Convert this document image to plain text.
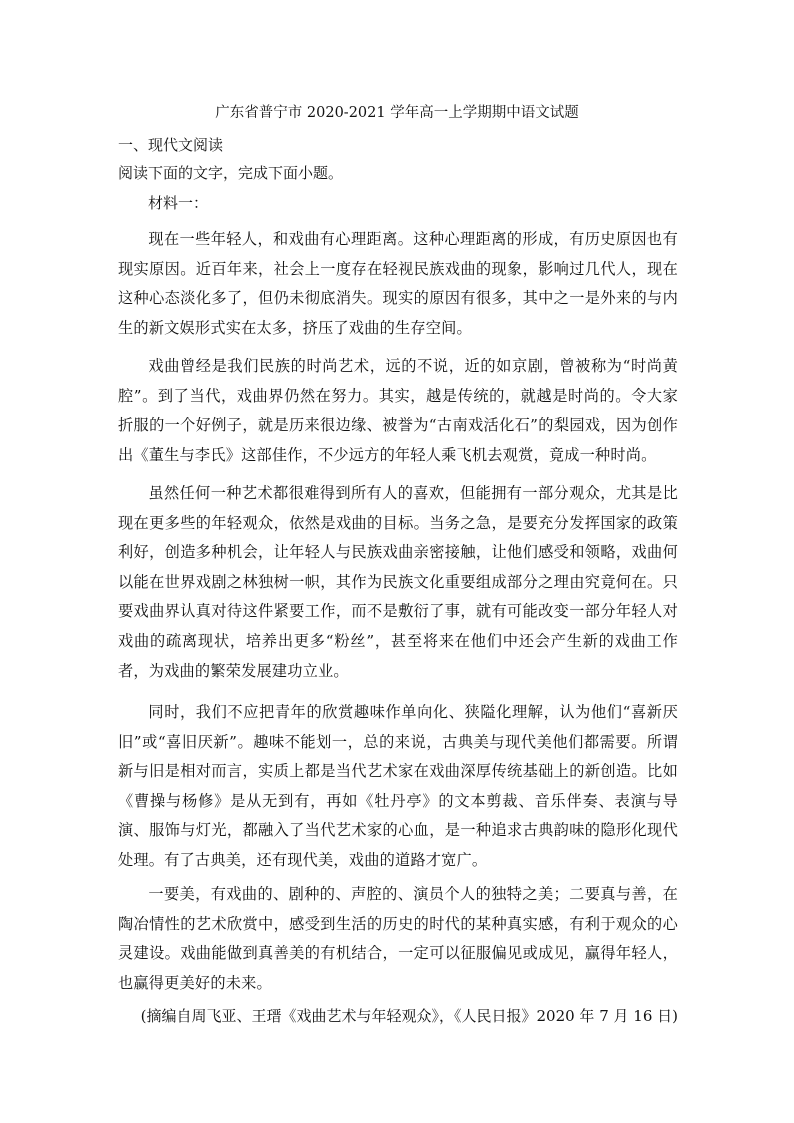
广东省普宁市 2020-2021 学年高一上学期期中语文试题
一、现代文阅读
阅读下面的文字，完成下面小题。
材料一：

现在一些年轻人，和戏曲有心理距离。这种心理距离的形成，有历史原因也有现实原因。近百年来，社会上一度存在轻视民族戏曲的现象，影响过几代人，现在这种心态淡化多了，但仍未彻底消失。现实的原因有很多，其中之一是外来的与内生的新文娱形式实在太多，挤压了戏曲的生存空间。

戏曲曾经是我们民族的时尚艺术，远的不说，近的如京剧，曾被称为“时尚黄腔”。到了当代，戏曲界仍然在努力。其实，越是传统的，就越是时尚的。令大家折服的一个好例子，就是历来很边缘、被誉为“古南戏活化石”的梨园戏，因为创作出《董生与李氏》这部佳作，不少远方的年轻人乘飞机去观赏，竟成一种时尚。

虽然任何一种艺术都很难得到所有人的喜欢，但能拥有一部分观众，尤其是比现在更多些的年轻观众，依然是戏曲的目标。当务之急，是要充分发挥国家的政策利好，创造多种机会，让年轻人与民族戏曲亲密接触，让他们感受和领略，戏曲何以能在世界戏剧之林独树一帜，其作为民族文化重要组成部分之理由究竟何在。只要戏曲界认真对待这件紧要工作，而不是敷衍了事，就有可能改变一部分年轻人对戏曲的疏离现状，培养出更多“粉丝”，甚至将来在他们中还会产生新的戏曲工作者，为戏曲的繁荣发展建功立业。

同时，我们不应把青年的欣赏趣味作单向化、狭隘化理解，认为他们“喜新厌旧”或“喜旧厌新”。趣味不能划一，总的来说，古典美与现代美他们都需要。所谓新与旧是相对而言，实质上都是当代艺术家在戏曲深厚传统基础上的新创造。比如《曹操与杨修》是从无到有，再如《牡丹亭》的文本剪裁、音乐伴奏、表演与导演、服饰与灯光，都融入了当代艺术家的心血，是一种追求古典韵味的隐形化现代处理。有了古典美，还有现代美，戏曲的道路才宽广。

一要美，有戏曲的、剧种的、声腔的、演员个人的独特之美；二要真与善，在陶冶情性的艺术欣赏中，感受到生活的历史的时代的某种真实感，有利于观众的心灵建设。戏曲能做到真善美的有机结合，一定可以征服偏见或成见，赢得年轻人，也赢得更美好的未来。

(摘编自周飞亚、王瑨《戏曲艺术与年轻观众》，《人民日报》2020 年 7 月 16 日)
